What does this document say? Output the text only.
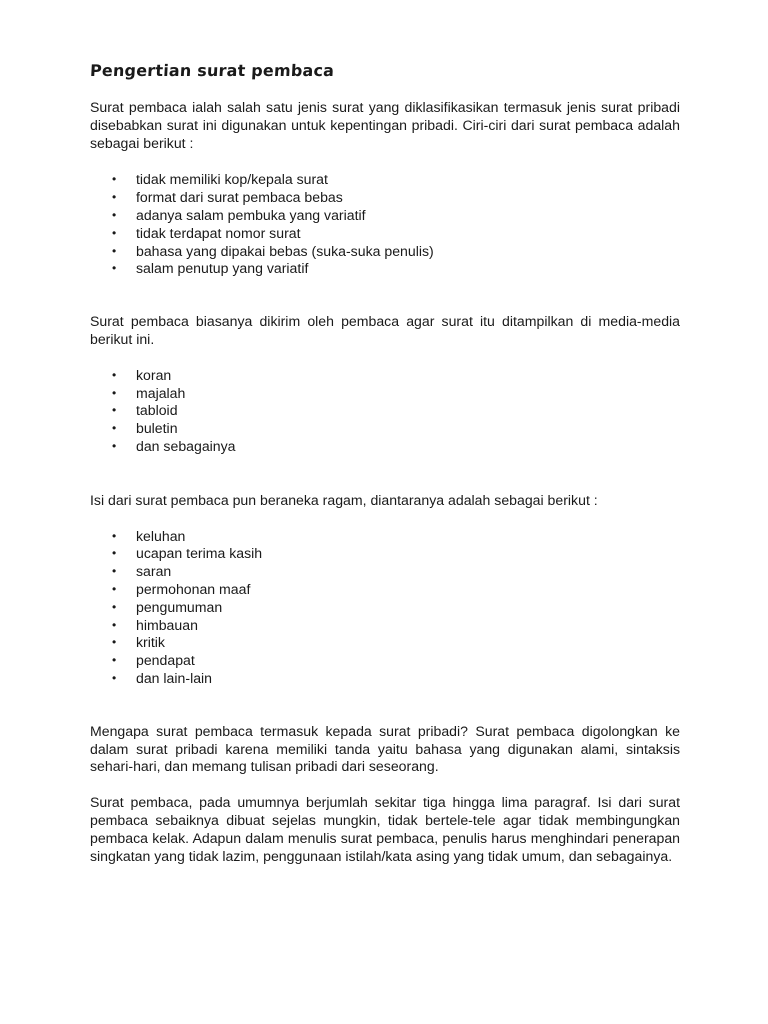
Pengertian surat pembaca

Surat pembaca ialah salah satu jenis surat yang diklasifikasikan termasuk jenis surat pribadi disebabkan surat ini digunakan untuk kepentingan pribadi. Ciri-ciri dari surat pembaca adalah sebagai berikut :

• tidak memiliki kop/kepala surat
• format dari surat pembaca bebas
• adanya salam pembuka yang variatif
• tidak terdapat nomor surat
• bahasa yang dipakai bebas (suka-suka penulis)
• salam penutup yang variatif

Surat pembaca biasanya dikirim oleh pembaca agar surat itu ditampilkan di media-media berikut ini.

• koran
• majalah
• tabloid
• buletin
• dan sebagainya

Isi dari surat pembaca pun beraneka ragam, diantaranya adalah sebagai berikut :

• keluhan
• ucapan terima kasih
• saran
• permohonan maaf
• pengumuman
• himbauan
• kritik
• pendapat
• dan lain-lain

Mengapa surat pembaca termasuk kepada surat pribadi? Surat pembaca digolongkan ke dalam surat pribadi karena memiliki tanda yaitu bahasa yang digunakan alami, sintaksis sehari-hari, dan memang tulisan pribadi dari seseorang.

Surat pembaca, pada umumnya berjumlah sekitar tiga hingga lima paragraf. Isi dari surat pembaca sebaiknya dibuat sejelas mungkin, tidak bertele-tele agar tidak membingungkan pembaca kelak. Adapun dalam menulis surat pembaca, penulis harus menghindari penerapan singkatan yang tidak lazim, penggunaan istilah/kata asing yang tidak umum, dan sebagainya.
